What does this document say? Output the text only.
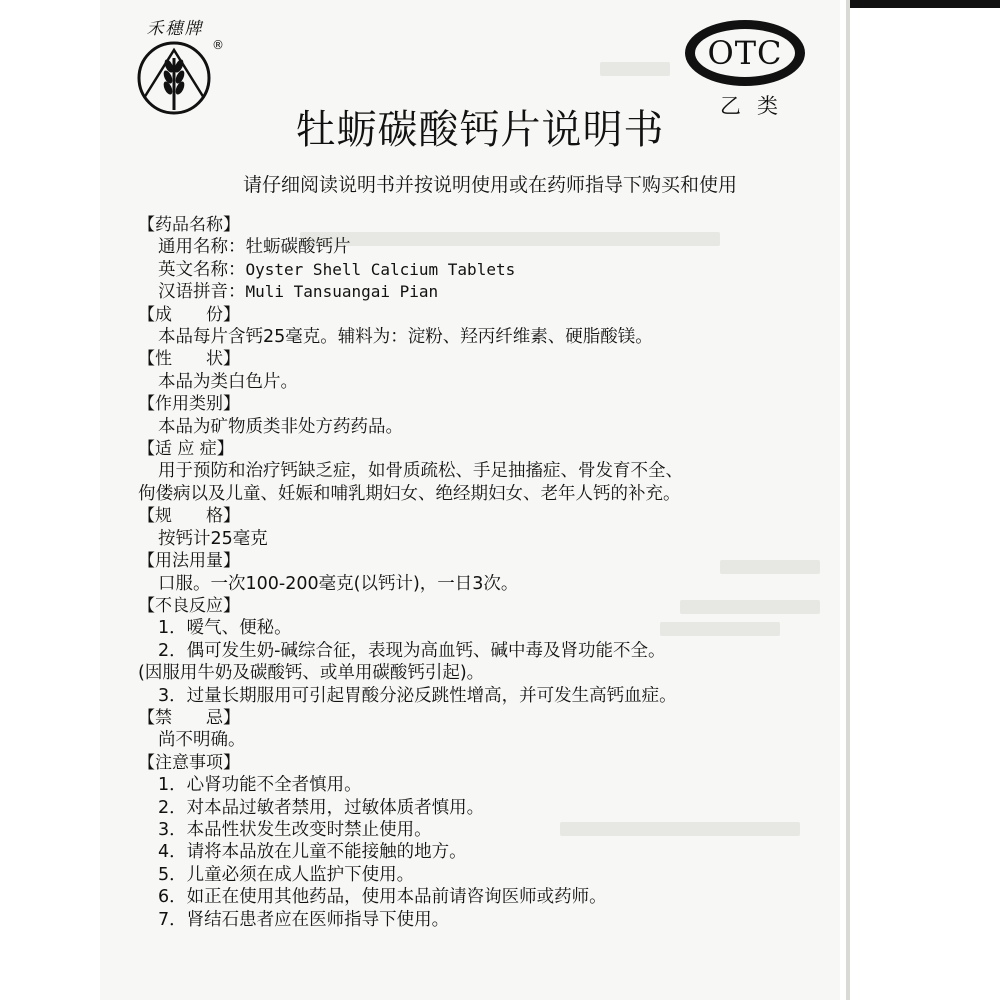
禾穗牌
®	OTC
乙类
牡蛎碳酸钙片说明书
请仔细阅读说明书并按说明使用或在药师指导下购买和使用

【药品名称】

通用名称：牡蛎碳酸钙片

英文名称：Oyster Shell Calcium Tablets

汉语拼音：Muli Tansuangai Pian

【成　　份】

本品每片含钙25毫克。辅料为：淀粉、羟丙纤维素、硬脂酸镁。

【性　　状】

本品为类白色片。

【作用类别】

本品为矿物质类非处方药药品。

【适 应 症】

用于预防和治疗钙缺乏症，如骨质疏松、手足抽搐症、骨发育不全、

佝偻病以及儿童、妊娠和哺乳期妇女、绝经期妇女、老年人钙的补充。

【规　　格】

按钙计25毫克

【用法用量】

口服。一次100-200毫克(以钙计)，一日3次。

【不良反应】

1．嗳气、便秘。

2．偶可发生奶-碱综合征，表现为高血钙、碱中毒及肾功能不全。

(因服用牛奶及碳酸钙、或单用碳酸钙引起)。

3．过量长期服用可引起胃酸分泌反跳性增高，并可发生高钙血症。

【禁　　忌】

尚不明确。

【注意事项】

1．心肾功能不全者慎用。

2．对本品过敏者禁用，过敏体质者慎用。

3．本品性状发生改变时禁止使用。

4．请将本品放在儿童不能接触的地方。

5．儿童必须在成人监护下使用。

6．如正在使用其他药品，使用本品前请咨询医师或药师。

7．肾结石患者应在医师指导下使用。
